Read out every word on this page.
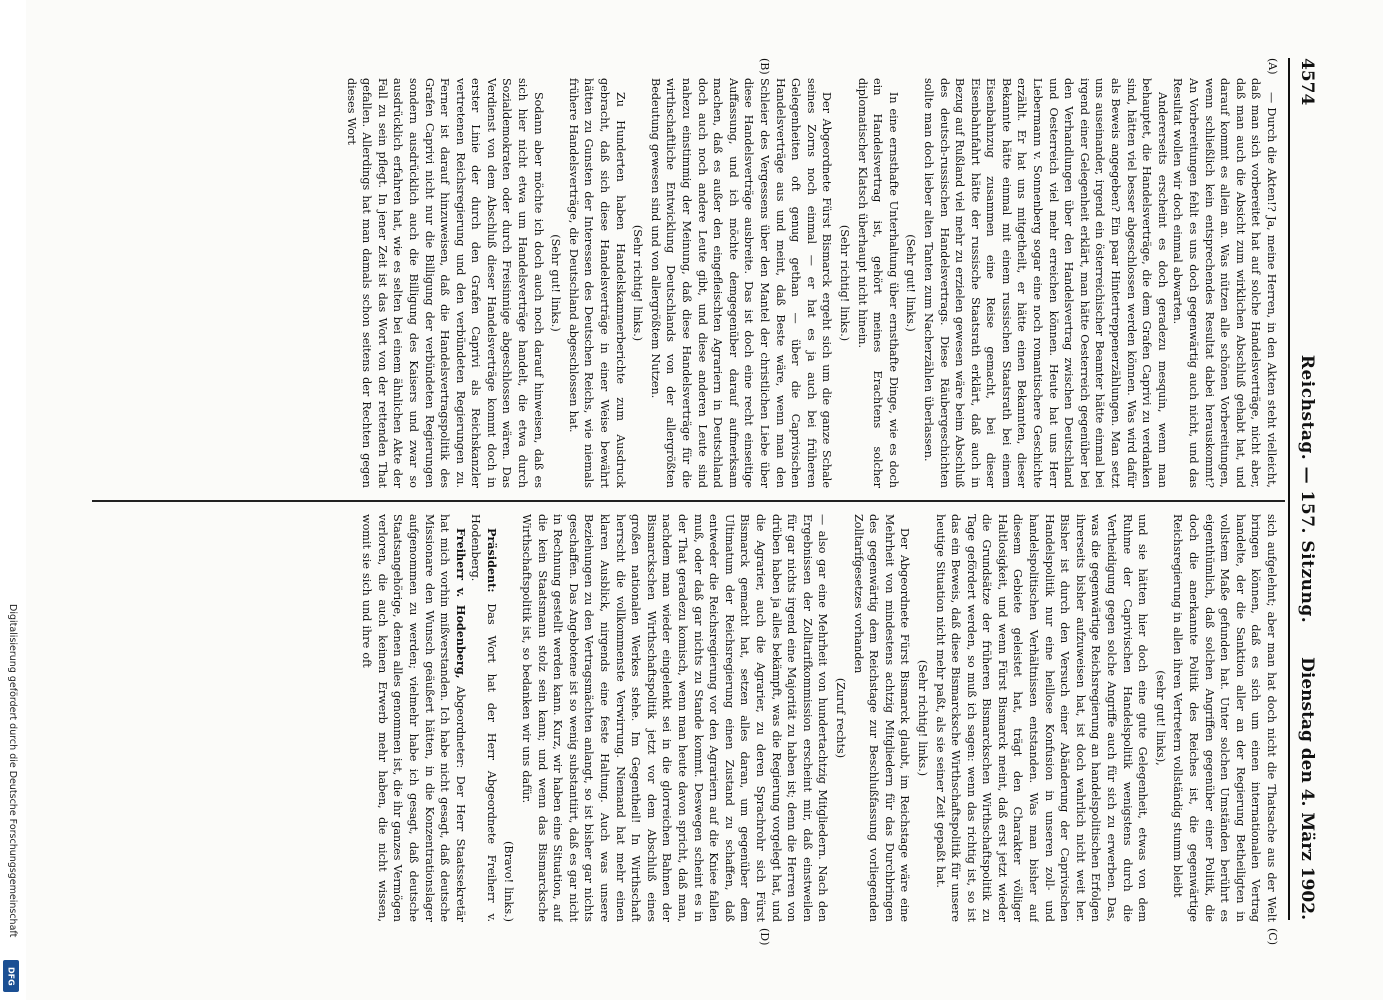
4574
Reichstag. — 157. Sitzung.
Dienstag den 4. März 1902.
(A)
(B)
(C)
(D)

— Durch die Akten!? Ja, meine Herren, in den Akten steht vielleicht, daß man sich vorbereitet hat auf solche Handelsverträge, nicht aber, daß man auch die Absicht zum wirklichen Abschluß gehabt hat, und darauf kommt es allein an. Was nützen alle schönen Vorbereitungen, wenn schließlich kein entsprechendes Resultat dabei herauskommt? An Vorbereitungen fehlt es uns doch gegenwärtig auch nicht, und das Resultat wollen wir doch einmal abwarten.

Andererseits erscheint es doch geradezu mesquin, wenn man behauptet, die Handelsverträge, die dem Grafen Caprivi zu verdanken sind, hätten viel besser abgeschlossen werden können. Was wird dafür als Beweis angegeben? Ein paar Hintertreppenerzählungen. Man setzt uns auseinander, irgend ein österreichischer Beamter hätte einmal bei irgend einer Gelegenheit erklärt, man hätte Oesterreich gegenüber bei den Verhandlungen über den Handelsvertrag zwischen Deutschland und Oesterreich viel mehr erreichen können. Heute hat uns Herr Liebermann v. Sonnenberg sogar eine noch romantischere Geschichte erzählt. Er hat uns mitgetheilt, er hätte einen Bekannten, dieser Bekannte hätte einmal mit einem russischen Staatsrath bei einem Eisenbahnzug zusammen eine Reise gemacht, bei dieser Eisenbahnfahrt hätte der russische Staatsrath erklärt, daß auch in Bezug auf Rußland viel mehr zu erzielen gewesen wäre beim Abschluß des deutsch-russischen Handelsvertrags. Diese Räubergeschichten sollte man doch lieber alten Tanten zum Nacherzählen überlassen.

(Sehr gut! links.)

In eine ernsthafte Unterhaltung über ernsthafte Dinge, wie es doch ein Handelsvertrag ist, gehört meines Erachtens solcher diplomatischer Klatsch überhaupt nicht hinein.

(Sehr richtig! links.)

Der Abgeordnete Fürst Bismarck ergeht sich um die ganze Schale seines Zorns noch einmal — er hat es ja auch bei früheren Gelegenheiten oft genug gethan — über die Caprivischen Handelsverträge aus und meint, daß Beste wäre, wenn man den Schleier des Vergessens über den Mantel der christlichen Liebe über diese Handelsverträge ausbreite. Das ist doch eine recht einseitige Auffassung, und ich möchte demgegenüber darauf aufmerksam machen, daß es außer den eingefleischten Agrariern in Deutschland doch auch noch andere Leute gibt, und diese anderen Leute sind nahezu einstimmig der Meinung, daß diese Handelsverträge für die wirthschaftliche Entwicklung Deutschlands von der allergrößten Bedeutung gewesen sind und von allergrößtem Nutzen.

(Sehr richtig! links.)

Zu Hunderten haben Handelskammerberichte zum Ausdruck gebracht, daß sich diese Handelsverträge in einer Weise bewährt hätten zu Gunsten der Interessen des Deutschen Reichs, wie niemals frühere Handelsverträge, die Deutschland abgeschlossen hat.

(Sehr gut! links.)

Sodann aber möchte ich doch auch noch darauf hinweisen, daß es sich hier nicht etwa um Handelsverträge handelt, die etwa durch Sozialdemokraten oder durch Freisinnige abgeschlossen wären. Das Verdienst von dem Abschluß dieser Handelsverträge kommt doch in erster Linie der durch den Grafen Caprivi als Reichskanzler vertretenen Reichsregierung und den verbündeten Regierungen zu. Ferner ist darauf hinzuweisen, daß die Handelsvertragspolitik des Grafen Caprivi nicht nur die Billigung der verbündeten Regierungen sondern ausdrücklich auch die Billigung des Kaisers und zwar so ausdrücklich erfahren hat, wie es selten bei einem ähnlichen Akte der Fall zu sein pflegt. In jener Zeit ist das Wort von der rettenden That gefallen. Allerdings hat man damals schon seitens der Rechten gegen dieses Wort

sich aufgelehnt; aber man hat doch nicht die Thatsache aus der Welt bringen können, daß es sich um einen internationalen Vertrag handelte, der die Sanktion aller an der Regierung Betheiligten in vollstem Maße gefunden hat. Unter solchen Umständen berührt es eigenthümlich, daß solchen Angriffen gegenüber einer Politik, die doch die anerkannte Politik des Reiches ist, die gegenwärtige Reichsregierung in allen ihren Vertretern vollständig stumm bleibt

(sehr gut! links),

und sie hätten hier doch eine gute Gelegenheit, etwas von dem Ruhme der Caprivischen Handelspolitik wenigstens durch die Vertheidigung gegen solche Angriffe auch für sich zu erwerben. Das, was die gegenwärtige Reichsregierung an handelspolitischen Erfolgen ihrerseits bisher aufzuweisen hat, ist doch wahrlich nicht weit her. Bisher ist durch den Versuch einer Abänderung der Caprivischen Handelspolitik nur eine heillose Konfusion in unseren zoll- und handelspolitischen Verhältnissen entstanden. Was man bisher auf diesem Gebiete geleistet hat, trägt den Charakter völliger Haltlosigkeit, und wenn Fürst Bismarck meint, daß erst jetzt wieder die Grundsätze der früheren Bismarckschen Wirthschaftspolitik zu Tage gefördert werden, so muß ich sagen: wenn das richtig ist, so ist das ein Beweis, daß diese Bismarcksche Wirthschaftspolitik für unsere heutige Situation nicht mehr paßt, als sie seiner Zeit gepaßt hat.

(Sehr richtig! links.)

Der Abgeordnete Fürst Bismarck glaubt, im Reichstage wäre eine Mehrheit von mindestens achtzig Mitgliedern für das Durchbringen des gegenwärtig dem Reichstage zur Beschlußfassung vorliegenden Zolltarifgesetzes vorhanden

(Zuruf rechts)

— also gar eine Mehrheit von hundertachtzig Mitgliedern. Nach den Ergebnissen der Zolltarifkommission erscheint mir, daß einstweilen für gar nichts irgend eine Majorität zu haben ist; denn die Herren von drüben haben ja alles bekämpft, was die Regierung vorgelegt hat, und die Agrarier, auch die Agrarier, zu deren Sprachrohr sich Fürst Bismarck gemacht hat, setzen alles daran, um gegenüber dem Ultimatum der Reichsregierung einen Zustand zu schaffen, daß entweder die Reichsregierung vor den Agrariern auf die Kniee fallen muß, oder daß gar nichts zu Stande kommt. Deswegen scheint es in der That geradezu komisch, wenn man heute davon spricht, daß man, nachdem man wieder eingelenkt sei in die glorreichen Bahnen der Bismarckschen Wirthschaftspolitik jetzt vor dem Abschluß eines großen nationalen Werkes stehe. Im Gegentheil! In Wirthschaft herrscht die vollkommenste Verwirrung. Niemand hat mehr einen klaren Ausblick, nirgends eine feste Haltung. Auch was unsere Beziehungen zu den Vertragsmächten anlangt, so ist bisher gar nichts geschaffen. Das Angebotene ist so wenig substantiirt, daß es gar nicht in Rechnung gestellt werden kann. Kurz, wir haben eine Situation, auf die kein Staatsmann stolz sein kann; und wenn das Bismarcksche Wirthschaftspolitik ist, so bedanken wir uns dafür.

(Bravo! links.)

Präsident: Das Wort hat der Herr Abgeordnete Freiherr v. Hodenberg.

Freiherr v. Hodenberg, Abgeordneter: Der Herr Staatssekretär hat mich vorhin mißverstanden. Ich habe nicht gesagt, daß deutsche Missionare den Wunsch geäußert hätten, in die Konzentrationslager aufgenommen zu werden; vielmehr habe ich gesagt, daß deutsche Staatsangehörige, denen alles genommen ist, die ihr ganzes Vermögen verloren, die auch keinen Erwerb mehr haben, die nicht wissen, womit sie sich und ihre oft

Digitalisierung gefördert durch die Deutsche Forschungsgemeinschaft
DFG
